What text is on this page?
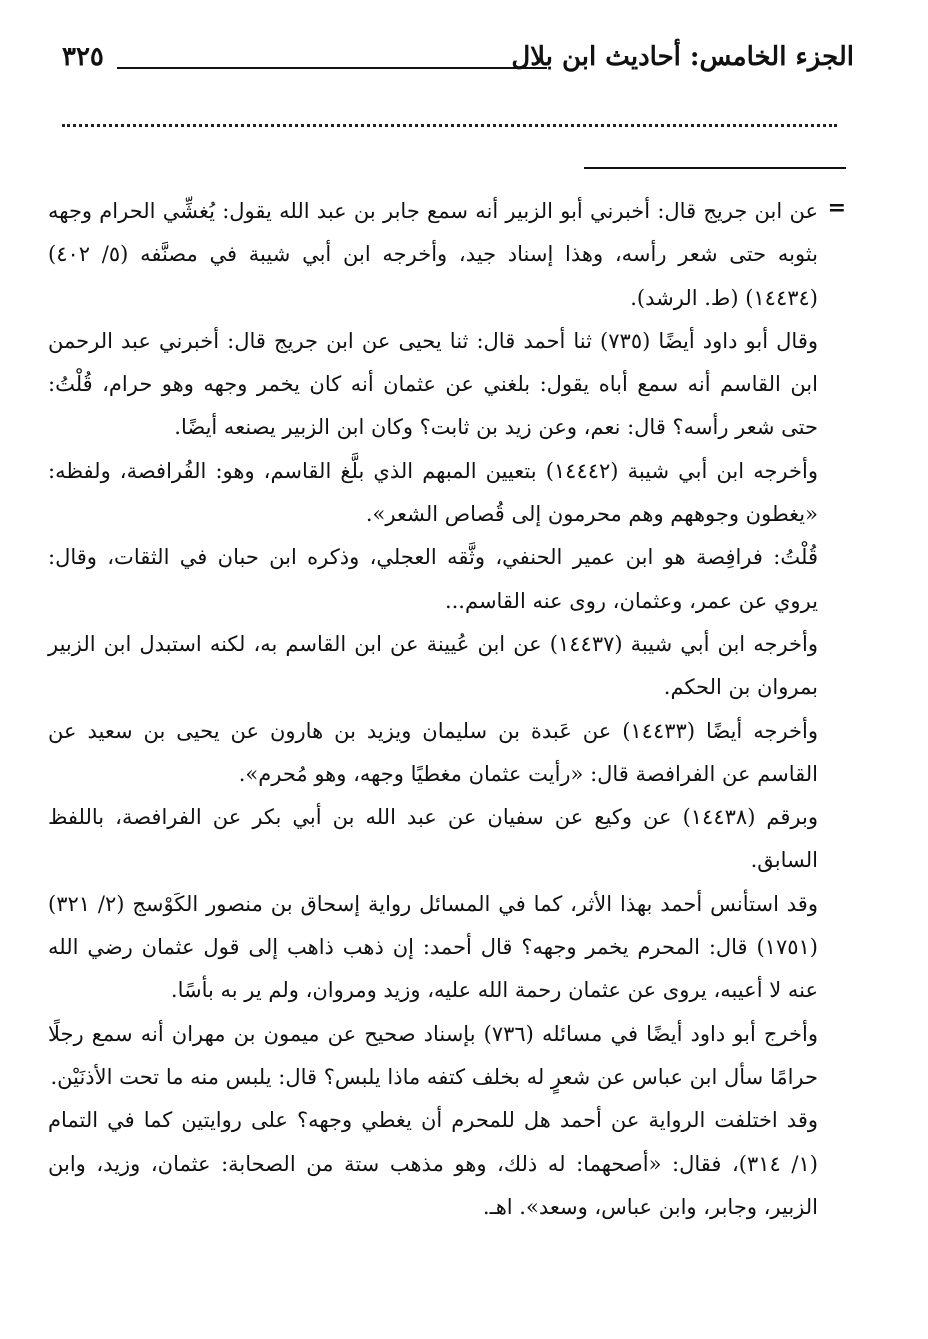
٣٢٥	الجزء الخامس: أحاديث ابن بلال
=

عن ابن جريج قال: أخبرني أبو الزبير أنه سمع جابر بن عبد الله يقول: يُغشِّي الحرام وجهه بثوبه حتى شعر رأسه، وهذا إسناد جيد، وأخرجه ابن أبي شيبة في مصنَّفه (٥/ ٤٠٢) (١٤٤٣٤) (ط. الرشد).

وقال أبو داود أيضًا (٧٣٥) ثنا أحمد قال: ثنا يحيى عن ابن جريج قال: أخبرني عبد الرحمن ابن القاسم أنه سمع أباه يقول: بلغني عن عثمان أنه كان يخمر وجهه وهو حرام، قُلْتُ: حتى شعر رأسه؟ قال: نعم، وعن زيد بن ثابت؟ وكان ابن الزبير يصنعه أيضًا.

وأخرجه ابن أبي شيبة (١٤٤٤٢) بتعيين المبهم الذي بلَّغ القاسم، وهو: الفُرافصة، ولفظه: «يغطون وجوههم وهم محرمون إلى قُصاص الشعر».

قُلْتُ: فرافِصة هو ابن عمير الحنفي، وثَّقه العجلي، وذكره ابن حبان في الثقات، وقال: يروي عن عمر، وعثمان، روى عنه القاسم...

وأخرجه ابن أبي شيبة (١٤٤٣٧) عن ابن عُيينة عن ابن القاسم به، لكنه استبدل ابن الزبير بمروان بن الحكم.

وأخرجه أيضًا (١٤٤٣٣) عن عَبدة بن سليمان ويزيد بن هارون عن يحيى بن سعيد عن القاسم عن الفرافصة قال: «رأيت عثمان مغطيًا وجهه، وهو مُحرم».

وبرقم (١٤٤٣٨) عن وكيع عن سفيان عن عبد الله بن أبي بكر عن الفرافصة، باللفظ السابق.

وقد استأنس أحمد بهذا الأثر، كما في المسائل رواية إسحاق بن منصور الكَوْسج (٢/ ٣٢١) (١٧٥١) قال: المحرم يخمر وجهه؟ قال أحمد: إن ذهب ذاهب إلى قول عثمان رضي الله عنه لا أعيبه، يروى عن عثمان رحمة الله عليه، وزيد ومروان، ولم ير به بأسًا.

وأخرج أبو داود أيضًا في مسائله (٧٣٦) بإسناد صحيح عن ميمون بن مهران أنه سمع رجلًا حرامًا سأل ابن عباس عن شعرٍ له بخلف كتفه ماذا يلبس؟ قال: يلبس منه ما تحت الأذنَيْن.

وقد اختلفت الرواية عن أحمد هل للمحرم أن يغطي وجهه؟ على روايتين كما في التمام (١/ ٣١٤)، فقال: «أصحهما: له ذلك، وهو مذهب ستة من الصحابة: عثمان، وزيد، وابن الزبير، وجابر، وابن عباس، وسعد». اهـ.
